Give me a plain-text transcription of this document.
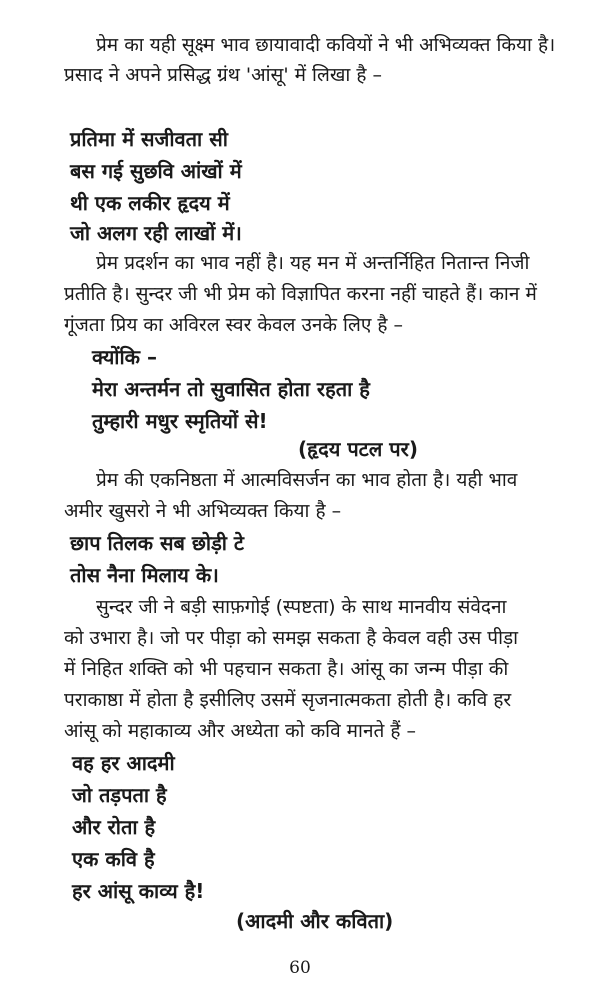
प्रेम का यही सूक्ष्म भाव छायावादी कवियों ने भी अभिव्यक्त किया है।
प्रसाद ने अपने प्रसिद्ध ग्रंथ 'आंसू' में लिखा है –
प्रतिमा में सजीवता सी
बस गई सुछवि आंखों में
थी एक लकीर हृदय में
जो अलग रही लाखों में।
प्रेम प्रदर्शन का भाव नहीं है। यह मन में अन्तर्निहित नितान्त निजी
प्रतीति है। सुन्दर जी भी प्रेम को विज्ञापित करना नहीं चाहते हैं। कान में
गूंजता प्रिय का अविरल स्वर केवल उनके लिए है –
क्योंकि –
मेरा अन्तर्मन तो सुवासित होता रहता है
तुम्हारी मधुर स्मृतियों से!
(हृदय पटल पर)
प्रेम की एकनिष्ठता में आत्मविसर्जन का भाव होता है। यही भाव
अमीर खुसरो ने भी अभिव्यक्त किया है –
छाप तिलक सब छोड़ी टे
तोस नैना मिलाय के।
सुन्दर जी ने बड़ी साफ़गोई (स्पष्टता) के साथ मानवीय संवेदना
को उभारा है। जो पर पीड़ा को समझ सकता है केवल वही उस पीड़ा
में निहित शक्ति को भी पहचान सकता है। आंसू का जन्म पीड़ा की
पराकाष्ठा में होता है इसीलिए उसमें सृजनात्मकता होती है। कवि हर
आंसू को महाकाव्य और अध्येता को कवि मानते हैं –
वह हर आदमी
जो तड़पता है
और रोता है
एक कवि है
हर आंसू काव्य है!
(आदमी और कविता)
60
